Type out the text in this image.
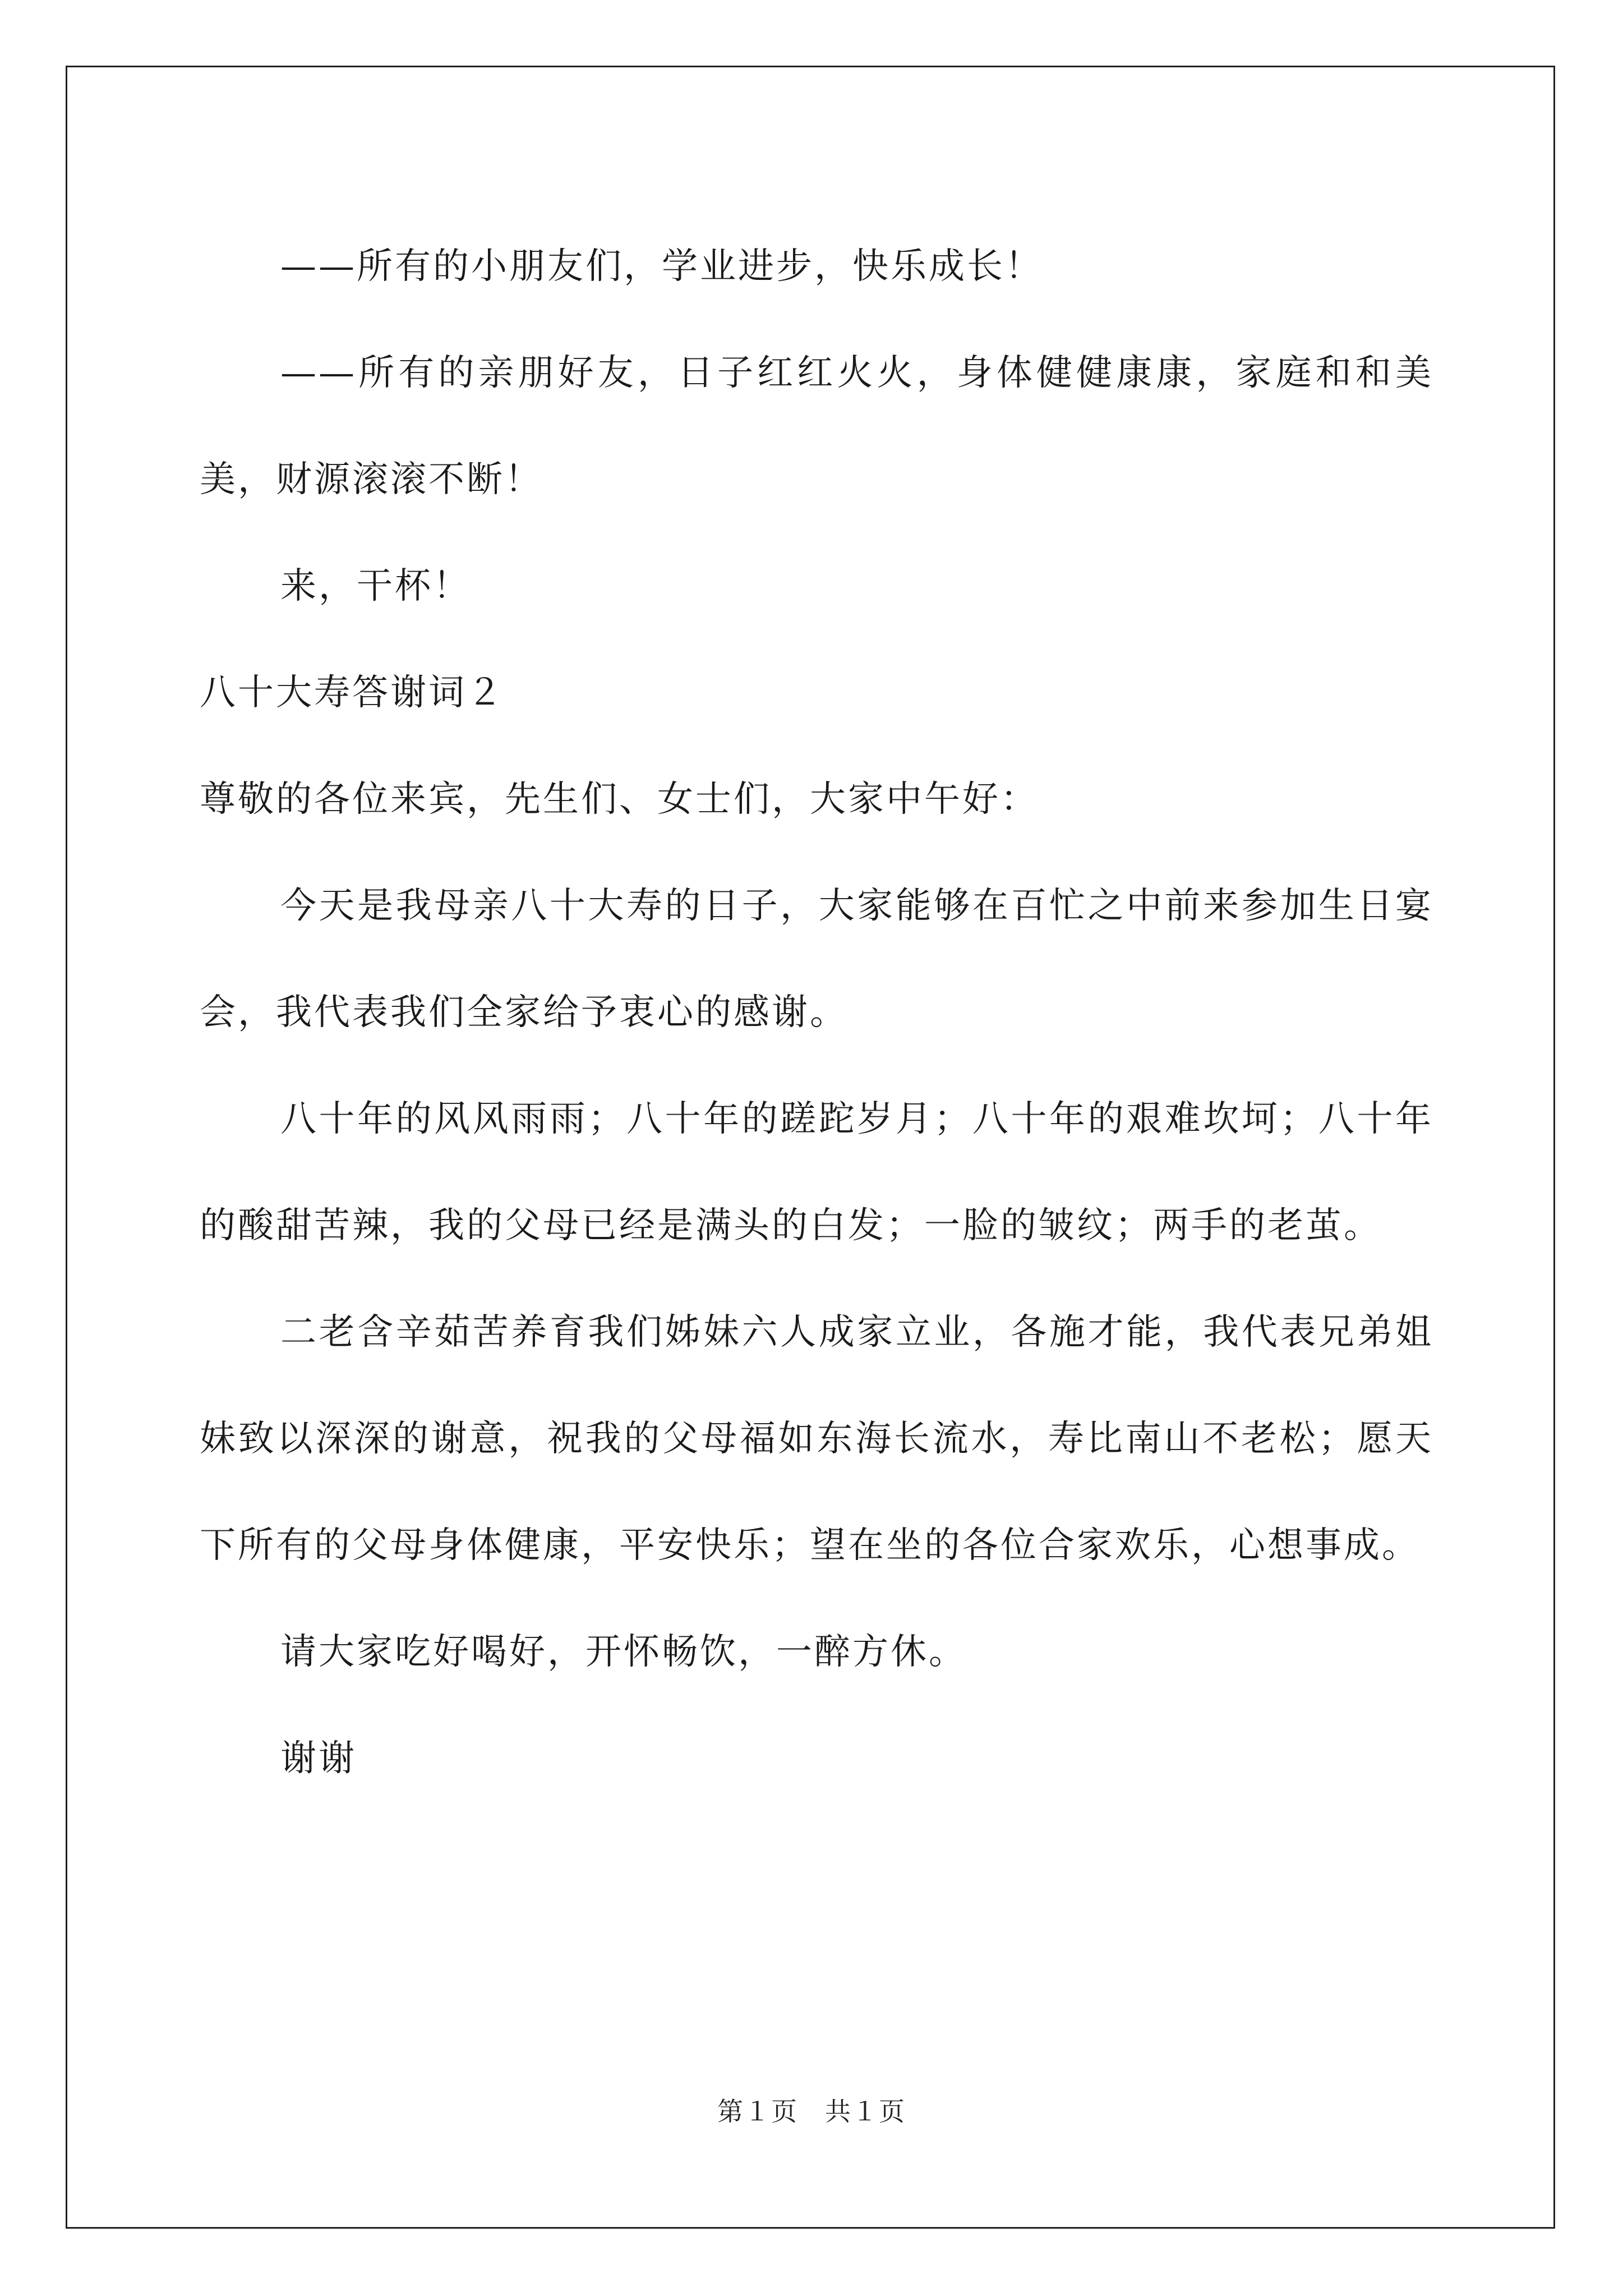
——所有的小朋友们，学业进步，快乐成长！

——所有的亲朋好友，日子红红火火，身体健健康康，家庭和和美美，财源滚滚不断！

来，干杯！

八十大寿答谢词２

尊敬的各位来宾，先生们、女士们，大家中午好：

今天是我母亲八十大寿的日子，大家能够在百忙之中前来参加生日宴会，我代表我们全家给予衷心的感谢。

八十年的风风雨雨；八十年的蹉跎岁月；八十年的艰难坎坷；八十年的酸甜苦辣，我的父母已经是满头的白发；一脸的皱纹；两手的老茧。

二老含辛茹苦养育我们姊妹六人成家立业，各施才能，我代表兄弟姐妹致以深深的谢意，祝我的父母福如东海长流水，寿比南山不老松；愿天下所有的父母身体健康，平安快乐；望在坐的各位合家欢乐，心想事成。

请大家吃好喝好，开怀畅饮，一醉方休。

谢谢

第１页　共１页
